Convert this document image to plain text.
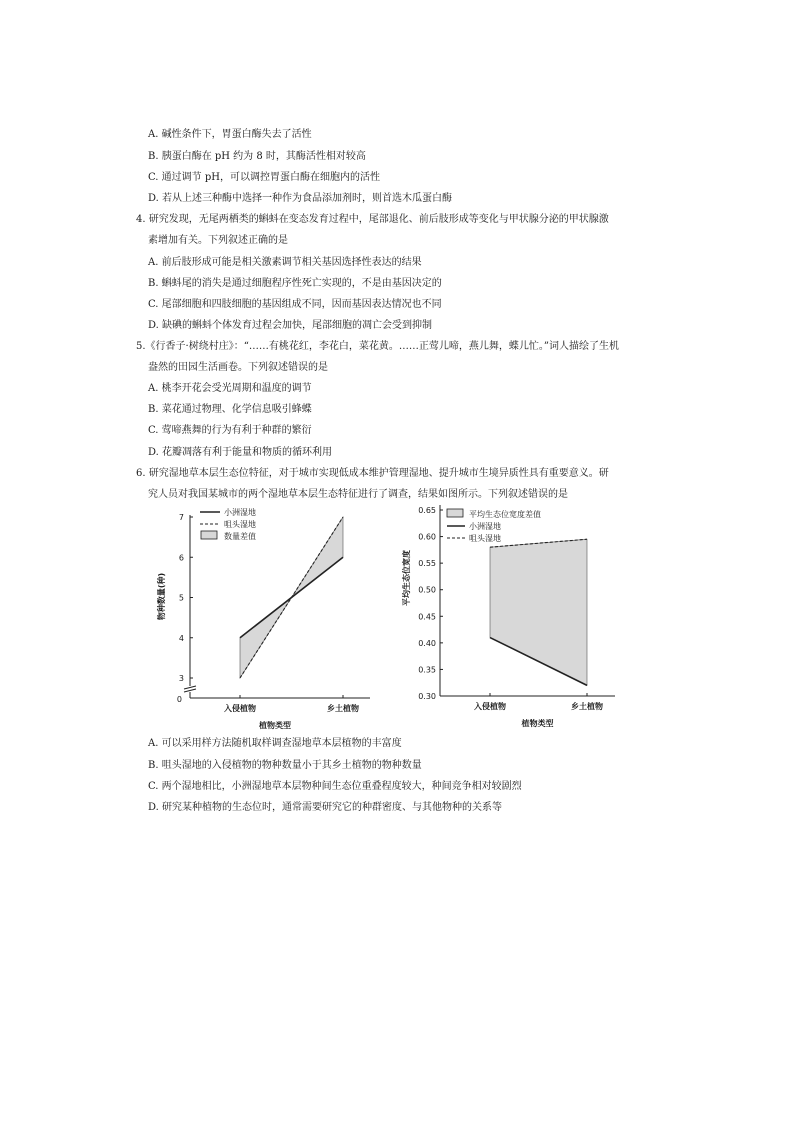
A. 碱性条件下，胃蛋白酶失去了活性
B. 胰蛋白酶在 pH 约为 8 时，其酶活性相对较高
C. 通过调节 pH，可以调控胃蛋白酶在细胞内的活性
D. 若从上述三种酶中选择一种作为食品添加剂时，则首选木瓜蛋白酶
4. 研究发现，无尾两栖类的蝌蚪在变态发育过程中，尾部退化、前后肢形成等变化与甲状腺分泌的甲状腺激
素增加有关。下列叙述正确的是
A. 前后肢形成可能是相关激素调节相关基因选择性表达的结果
B. 蝌蚪尾的消失是通过细胞程序性死亡实现的，不是由基因决定的
C. 尾部细胞和四肢细胞的基因组成不同，因而基因表达情况也不同
D. 缺碘的蝌蚪个体发育过程会加快，尾部细胞的凋亡会受到抑制
5.《行香子·树绕村庄》：“……有桃花红，李花白，菜花黄。……正莺儿啼，燕儿舞，蝶儿忙。”词人描绘了生机
盎然的田园生活画卷。下列叙述错误的是
A. 桃李开花会受光周期和温度的调节
B. 菜花通过物理、化学信息吸引蜂蝶
C. 莺啼燕舞的行为有利于种群的繁衍
D. 花瓣凋落有利于能量和物质的循环利用
6. 研究湿地草本层生态位特征，对于城市实现低成本维护管理湿地、提升城市生境异质性具有重要意义。研
究人员对我国某城市的两个湿地草本层生态特征进行了调查，结果如图所示。下列叙述错误的是
0
3
4
5
6
7
入侵植物	乡土植物
植物类型
物种数量(种)
小洲湿地
咀头湿地
数量差值
0.30
0.35
0.40
0.45
0.50
0.55
0.60
0.65
入侵植物	乡土植物
植物类型
平均生态位宽度
平均生态位宽度差值
小洲湿地
咀头湿地
A. 可以采用样方法随机取样调查湿地草本层植物的丰富度
B. 咀头湿地的入侵植物的物种数量小于其乡土植物的物种数量
C. 两个湿地相比，小洲湿地草本层物种间生态位重叠程度较大，种间竞争相对较剧烈
D. 研究某种植物的生态位时，通常需要研究它的种群密度、与其他物种的关系等
